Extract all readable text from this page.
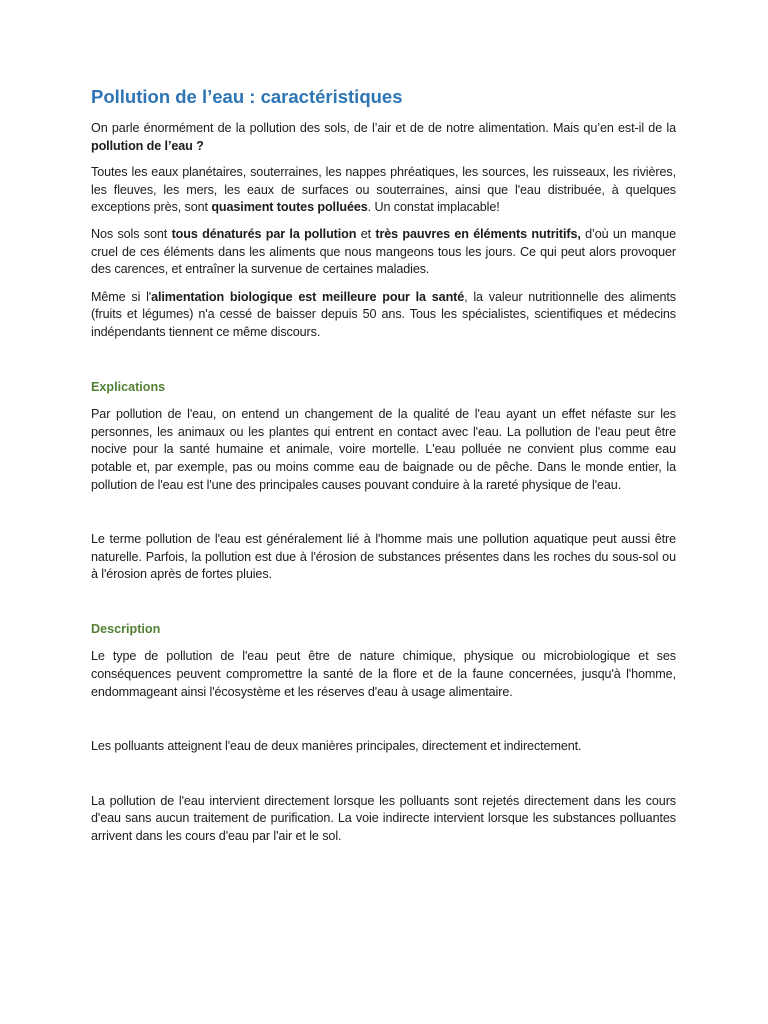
Pollution de l’eau : caractéristiques

On parle énormément de la pollution des sols, de l’air et de de notre alimentation. Mais qu’en est-il de la pollution de l’eau ?

Toutes les eaux planétaires, souterraines, les nappes phréatiques, les sources, les ruisseaux, les rivières, les fleuves, les mers, les eaux de surfaces ou souterraines, ainsi que l'eau distribuée, à quelques exceptions près, sont quasiment toutes polluées. Un constat implacable!

Nos sols sont tous dénaturés par la pollution et très pauvres en éléments nutritifs, d’où un manque cruel de ces éléments dans les aliments que nous mangeons tous les jours. Ce qui peut alors provoquer des carences, et entraîner la survenue de certaines maladies.

Même si l'alimentation biologique est meilleure pour la santé, la valeur nutritionnelle des aliments (fruits et légumes) n'a cessé de baisser depuis 50 ans. Tous les spécialistes, scientifiques et médecins indépendants tiennent ce même discours.

Explications

Par pollution de l'eau, on entend un changement de la qualité de l'eau ayant un effet néfaste sur les personnes, les animaux ou les plantes qui entrent en contact avec l'eau. La pollution de l'eau peut être nocive pour la santé humaine et animale, voire mortelle. L'eau polluée ne convient plus comme eau potable et, par exemple, pas ou moins comme eau de baignade ou de pêche. Dans le monde entier, la pollution de l'eau est l'une des principales causes pouvant conduire à la rareté physique de l'eau.

Le terme pollution de l'eau est généralement lié à l'homme mais une pollution aquatique peut aussi être naturelle. Parfois, la pollution est due à l'érosion de substances présentes dans les roches du sous-sol ou à l'érosion après de fortes pluies.

Description

Le type de pollution de l'eau peut être de nature chimique, physique ou microbiologique et ses conséquences peuvent compromettre la santé de la flore et de la faune concernées, jusqu'à l'homme, endommageant ainsi l'écosystème et les réserves d'eau à usage alimentaire.

Les polluants atteignent l'eau de deux manières principales, directement et indirectement.

La pollution de l'eau intervient directement lorsque les polluants sont rejetés directement dans les cours d'eau sans aucun traitement de purification. La voie indirecte intervient lorsque les substances polluantes arrivent dans les cours d'eau par l'air et le sol.
